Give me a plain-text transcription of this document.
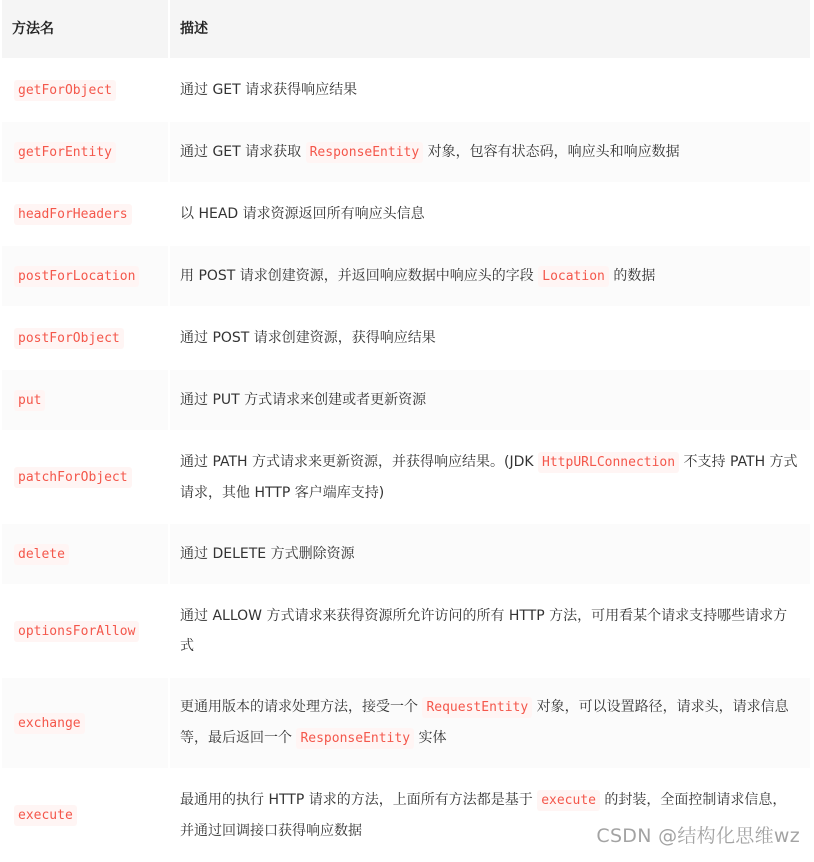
方法名	描述
getForObject	通过 GET 请求获得响应结果
getForEntity	通过 GET 请求获取 ResponseEntity 对象，包容有状态码，响应头和响应数据
headForHeaders	以 HEAD 请求资源返回所有响应头信息
postForLocation	用 POST 请求创建资源，并返回响应数据中响应头的字段 Location 的数据
postForObject	通过 POST 请求创建资源，获得响应结果
put	通过 PUT 方式请求来创建或者更新资源
patchForObject	通过 PATH 方式请求来更新资源，并获得响应结果。(JDK HttpURLConnection 不支持 PATH 方式请求，其他 HTTP 客户端库支持)
delete	通过 DELETE 方式删除资源
optionsForAllow	通过 ALLOW 方式请求来获得资源所允许访问的所有 HTTP 方法，可用看某个请求支持哪些请求方式
exchange	更通用版本的请求处理方法，接受一个 RequestEntity 对象，可以设置路径，请求头，请求信息等，最后返回一个 ResponseEntity 实体
execute	最通用的执行 HTTP 请求的方法，上面所有方法都是基于 execute 的封装，全面控制请求信息，并通过回调接口获得响应数据	CSDN @结构化思维wz
